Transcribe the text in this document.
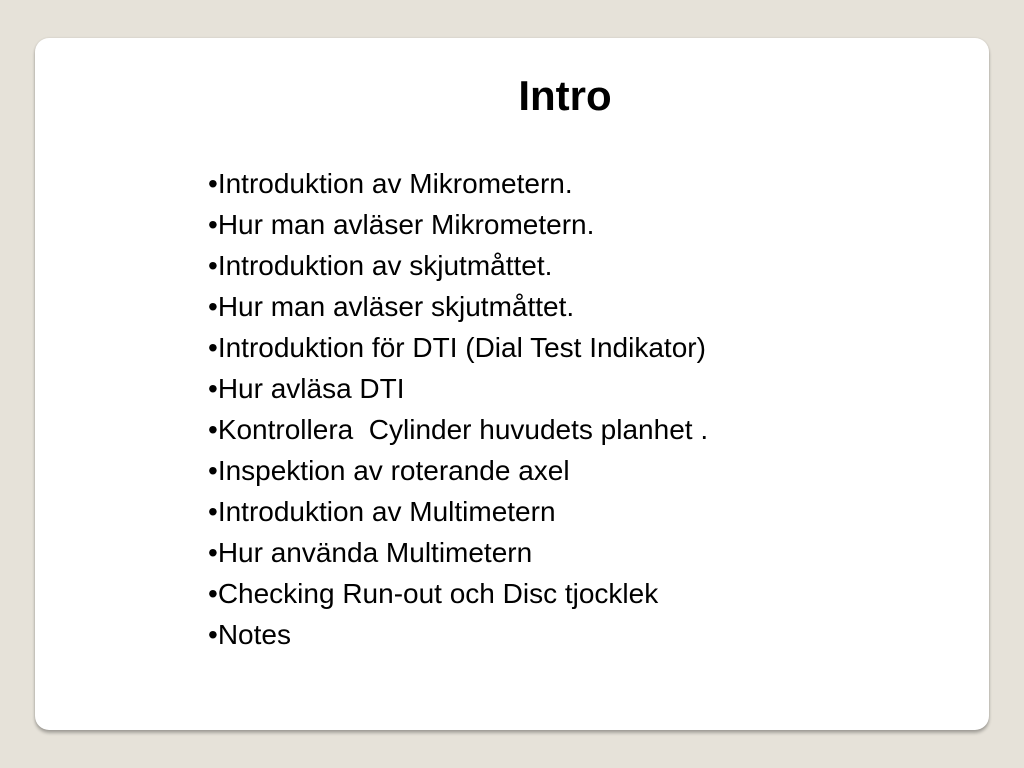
Intro
• Introduktion av Mikrometern.
• Hur man avläser Mikrometern.
• Introduktion av skjutmåttet.
• Hur man avläser skjutmåttet.
• Introduktion för DTI (Dial Test Indikator)
• Hur avläsa DTI
• Kontrollera  Cylinder huvudets planhet .
• Inspektion av roterande axel
• Introduktion av Multimetern
• Hur använda Multimetern
• Checking Run-out och Disc tjocklek
• Notes
